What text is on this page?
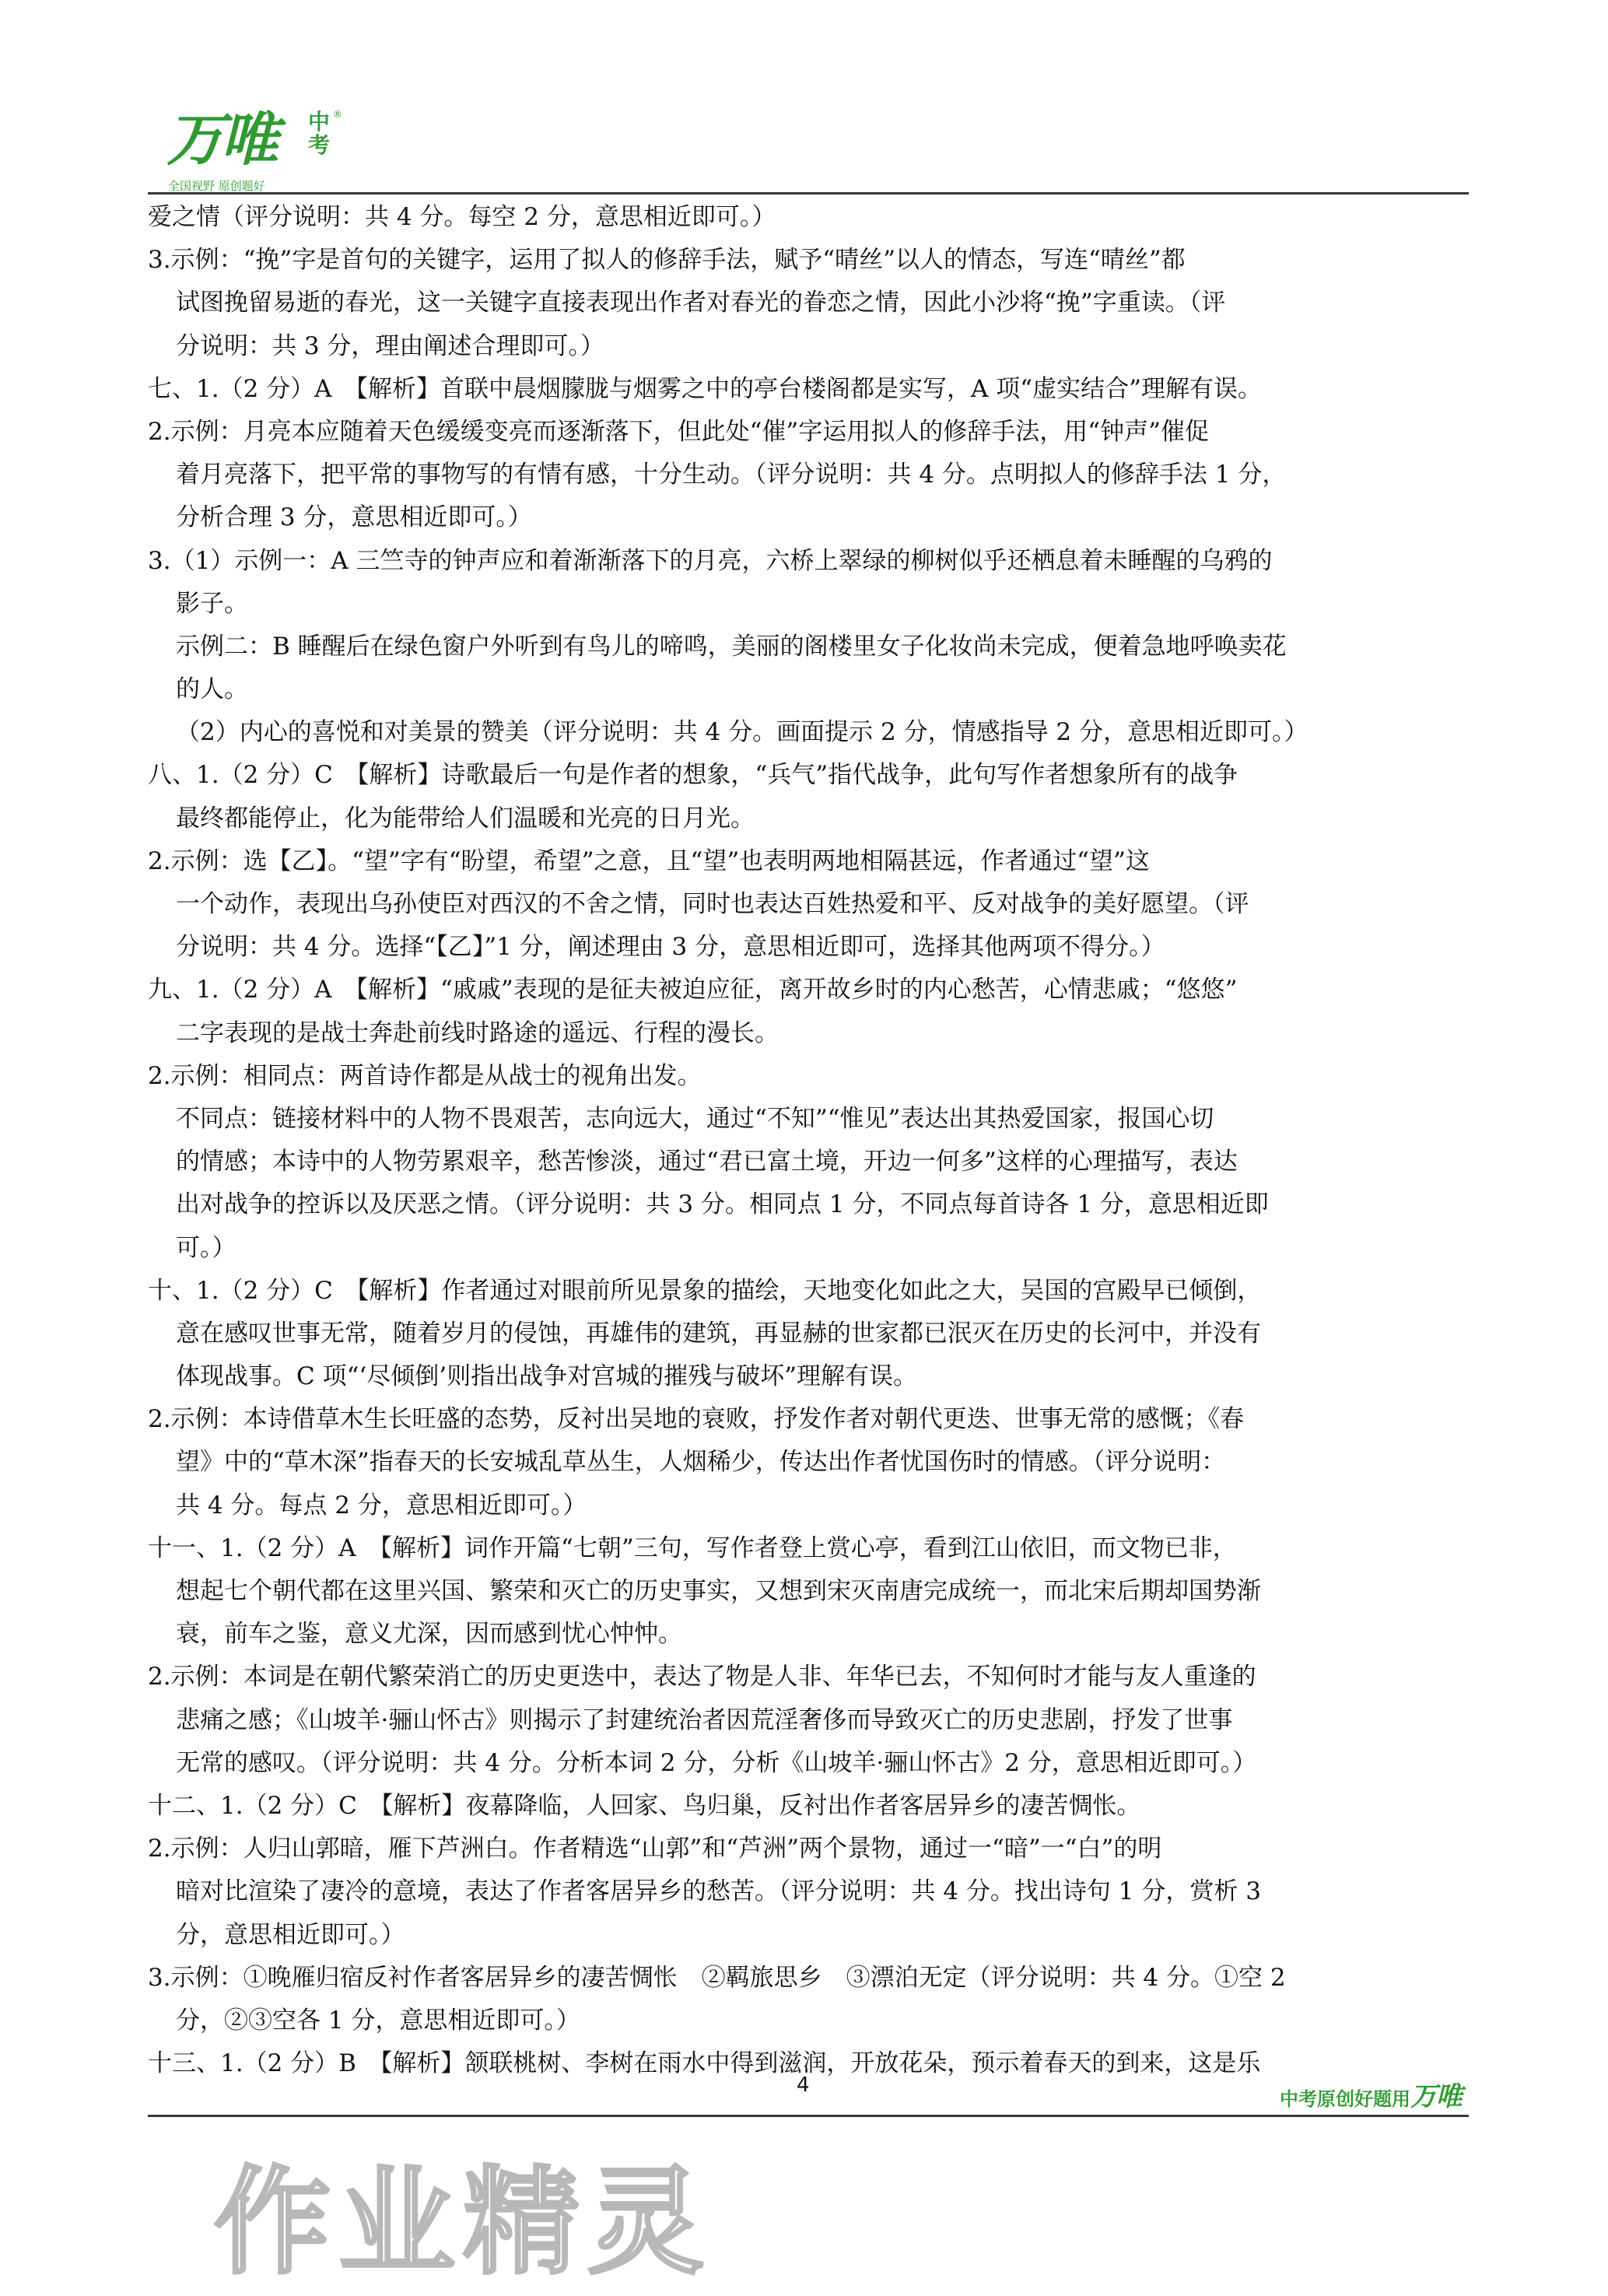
万唯 中
考
®
全国视野 原创题好
爱之情（评分说明：共 4 分。每空 2 分，意思相近即可。）
3.示例：“挽”字是首句的关键字，运用了拟人的修辞手法，赋予“晴丝”以人的情态，写连“晴丝”都
试图挽留易逝的春光，这一关键字直接表现出作者对春光的眷恋之情，因此小沙将“挽”字重读。（评
分说明：共 3 分，理由阐述合理即可。）
七、1.（2 分）A　【解析】首联中晨烟朦胧与烟雾之中的亭台楼阁都是实写，A 项“虚实结合”理解有误。
2.示例：月亮本应随着天色缓缓变亮而逐渐落下，但此处“催”字运用拟人的修辞手法，用“钟声”催促
着月亮落下，把平常的事物写的有情有感，十分生动。（评分说明：共 4 分。点明拟人的修辞手法 1 分，
分析合理 3 分，意思相近即可。）
3.（1）示例一：A 三竺寺的钟声应和着渐渐落下的月亮，六桥上翠绿的柳树似乎还栖息着未睡醒的乌鸦的
影子。
示例二：B 睡醒后在绿色窗户外听到有鸟儿的啼鸣，美丽的阁楼里女子化妆尚未完成，便着急地呼唤卖花
的人。
（2）内心的喜悦和对美景的赞美（评分说明：共 4 分。画面提示 2 分，情感指导 2 分，意思相近即可。）
八、1.（2 分）C　【解析】诗歌最后一句是作者的想象，“兵气”指代战争，此句写作者想象所有的战争
最终都能停止，化为能带给人们温暖和光亮的日月光。
2.示例：选【乙】。“望”字有“盼望，希望”之意，且“望”也表明两地相隔甚远，作者通过“望”这
一个动作，表现出乌孙使臣对西汉的不舍之情，同时也表达百姓热爱和平、反对战争的美好愿望。（评
分说明：共 4 分。选择“【乙】”1 分，阐述理由 3 分，意思相近即可，选择其他两项不得分。）
九、1.（2 分）A　【解析】“戚戚”表现的是征夫被迫应征，离开故乡时的内心愁苦，心情悲戚；“悠悠”
二字表现的是战士奔赴前线时路途的遥远、行程的漫长。
2.示例：相同点：两首诗作都是从战士的视角出发。
不同点：链接材料中的人物不畏艰苦，志向远大，通过“不知”“惟见”表达出其热爱国家，报国心切
的情感；本诗中的人物劳累艰辛，愁苦惨淡，通过“君已富土境，开边一何多”这样的心理描写，表达
出对战争的控诉以及厌恶之情。（评分说明：共 3 分。相同点 1 分，不同点每首诗各 1 分，意思相近即
可。）
十、1.（2 分）C　【解析】作者通过对眼前所见景象的描绘，天地变化如此之大，吴国的宫殿早已倾倒，
意在感叹世事无常，随着岁月的侵蚀，再雄伟的建筑，再显赫的世家都已泯灭在历史的长河中，并没有
体现战事。C 项“‘尽倾倒’则指出战争对宫城的摧残与破坏”理解有误。
2.示例：本诗借草木生长旺盛的态势，反衬出吴地的衰败，抒发作者对朝代更迭、世事无常的感慨；《春
望》中的“草木深”指春天的长安城乱草丛生，人烟稀少，传达出作者忧国伤时的情感。（评分说明：
共 4 分。每点 2 分，意思相近即可。）
十一、1.（2 分）A　【解析】词作开篇“七朝”三句，写作者登上赏心亭，看到江山依旧，而文物已非，
想起七个朝代都在这里兴国、繁荣和灭亡的历史事实，又想到宋灭南唐完成统一，而北宋后期却国势渐
衰，前车之鉴，意义尤深，因而感到忧心忡忡。
2.示例：本词是在朝代繁荣消亡的历史更迭中，表达了物是人非、年华已去，不知何时才能与友人重逢的
悲痛之感；《山坡羊·骊山怀古》则揭示了封建统治者因荒淫奢侈而导致灭亡的历史悲剧，抒发了世事
无常的感叹。（评分说明：共 4 分。分析本词 2 分，分析《山坡羊·骊山怀古》2 分，意思相近即可。）
十二、1.（2 分）C　【解析】夜幕降临，人回家、鸟归巢，反衬出作者客居异乡的凄苦惆怅。
2.示例：人归山郭暗，雁下芦洲白。作者精选“山郭”和“芦洲”两个景物，通过一“暗”一“白”的明
暗对比渲染了凄冷的意境，表达了作者客居异乡的愁苦。（评分说明：共 4 分。找出诗句 1 分，赏析 3
分，意思相近即可。）
3.示例：①晚雁归宿反衬作者客居异乡的凄苦惆怅　②羁旅思乡　③漂泊无定（评分说明：共 4 分。①空 2
分，②③空各 1 分，意思相近即可。）
十三、1.（2 分）B　【解析】颔联桃树、李树在雨水中得到滋润，开放花朵，预示着春天的到来，这是乐
4
中考原创好题用万唯
作业精灵
